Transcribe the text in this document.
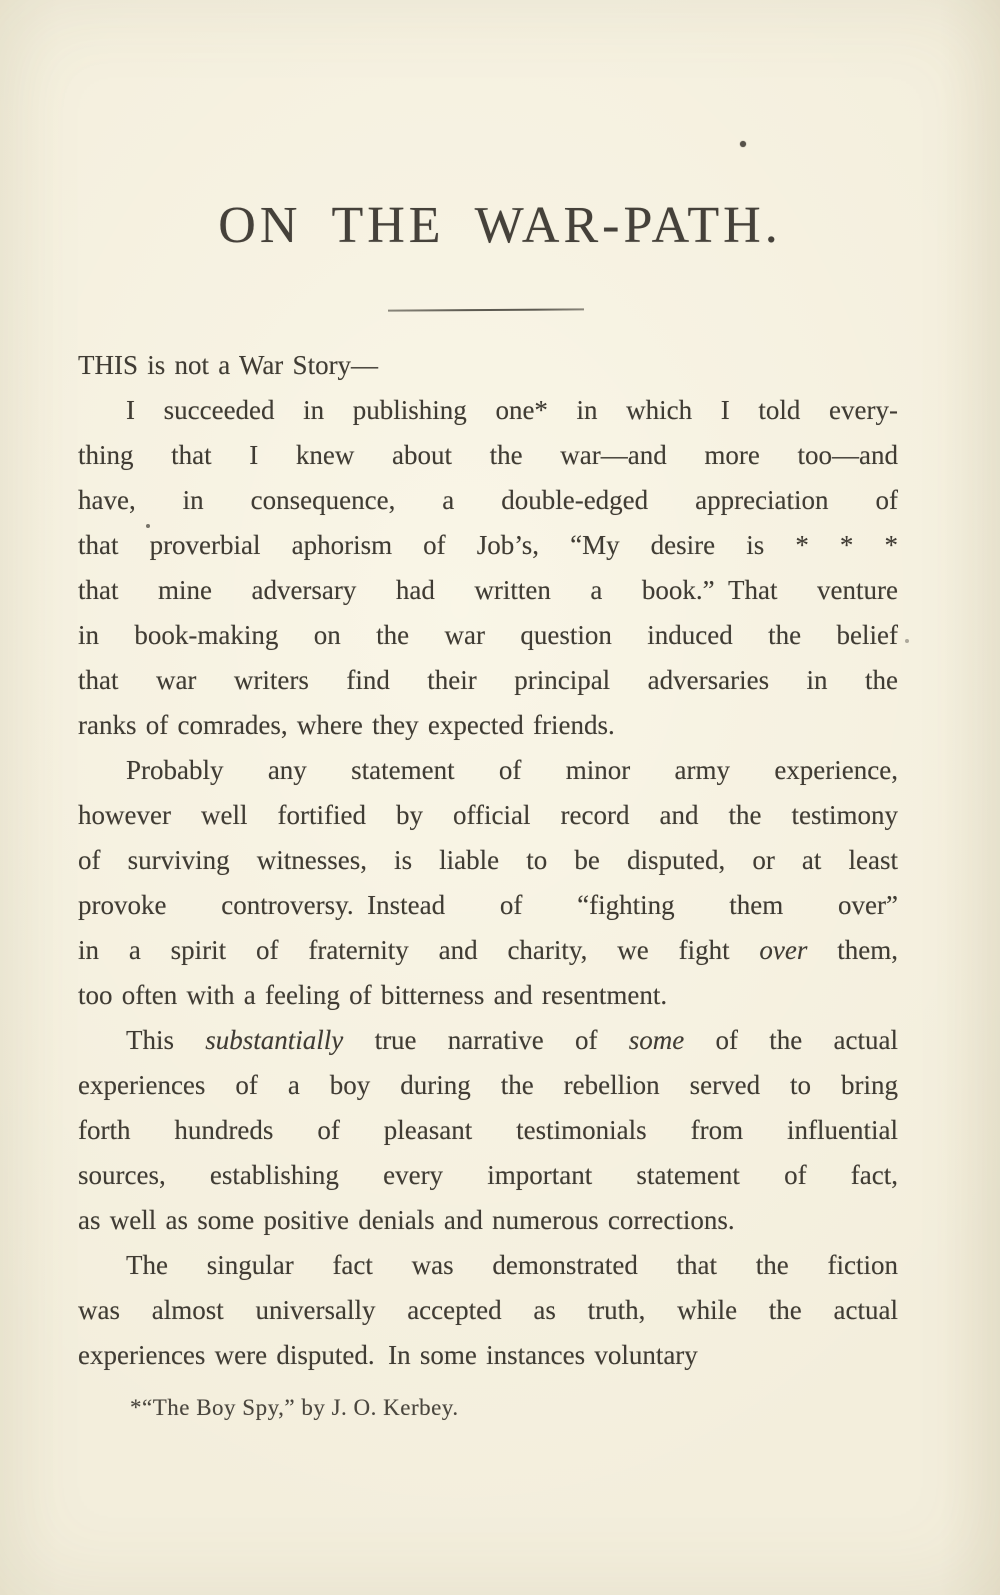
ON THE WAR-PATH.
THIS is not a War Story—
I succeeded in publishing one* in which I told every-
thing that I knew about the war—and more too—and
have, in consequence, a double-edged appreciation of
that proverbial aphorism of Job’s, “My desire is * * *
that mine adversary had written a book.” That venture
in book-making on the war question induced the belief
that war writers find their principal adversaries in the
ranks of comrades, where they expected friends.
Probably any statement of minor army experience,
however well fortified by official record and the testimony
of surviving witnesses, is liable to be disputed, or at least
provoke controversy. Instead of “fighting them over”
in a spirit of fraternity and charity, we fight over them,
too often with a feeling of bitterness and resentment.
This substantially true narrative of some of the actual
experiences of a boy during the rebellion served to bring
forth hundreds of pleasant testimonials from influential
sources, establishing every important statement of fact,
as well as some positive denials and numerous corrections.
The singular fact was demonstrated that the fiction
was almost universally accepted as truth, while the actual
experiences were disputed. In some instances voluntary
*“The Boy Spy,” by J. O. Kerbey.
